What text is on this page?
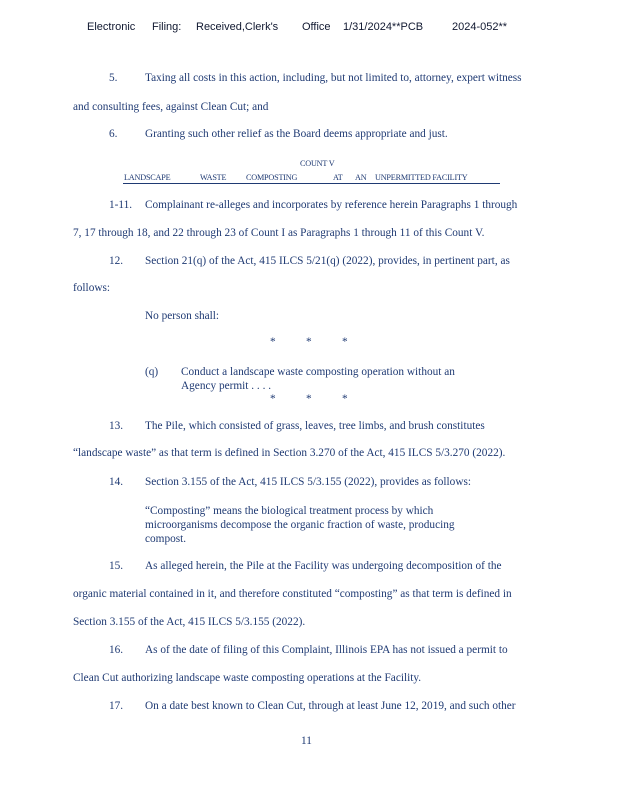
Electronic Filing: Received,Clerk's Office 1/31/2024**PCB	2024-052**
5. Taxing all costs in this action, including, but not limited to, attorney, expert witness
and consulting fees, against Clean Cut; and
6. Granting such other relief as the Board deems appropriate and just.
COUNT V
LANDSCAPE	WASTE COMPOSTING	AT AN UNPERMITTED FACILITY
1-11. Complainant re-alleges and incorporates by reference herein Paragraphs 1 through
7, 17 through 18, and 22 through 23 of Count I as Paragraphs 1 through 11 of this Count V.
12. Section 21(q) of the Act, 415 ILCS 5/21(q) (2022), provides, in pertinent part, as
follows:
No person shall:
*	*	*
(q) Conduct a landscape waste composting operation without an
Agency permit . . . .
*	*	*
13. The Pile, which consisted of grass, leaves, tree limbs, and brush constitutes
“landscape waste” as that term is defined in Section 3.270 of the Act, 415 ILCS 5/3.270 (2022).
14. Section 3.155 of the Act, 415 ILCS 5/3.155 (2022), provides as follows:
“Composting” means the biological treatment process by which
microorganisms decompose the organic fraction of waste, producing
compost.
15. As alleged herein, the Pile at the Facility was undergoing decomposition of the
organic material contained in it, and therefore constituted “composting” as that term is defined in
Section 3.155 of the Act, 415 ILCS 5/3.155 (2022).
16. As of the date of filing of this Complaint, Illinois EPA has not issued a permit to
Clean Cut authorizing landscape waste composting operations at the Facility.
17. On a date best known to Clean Cut, through at least June 12, 2019, and such other
11
